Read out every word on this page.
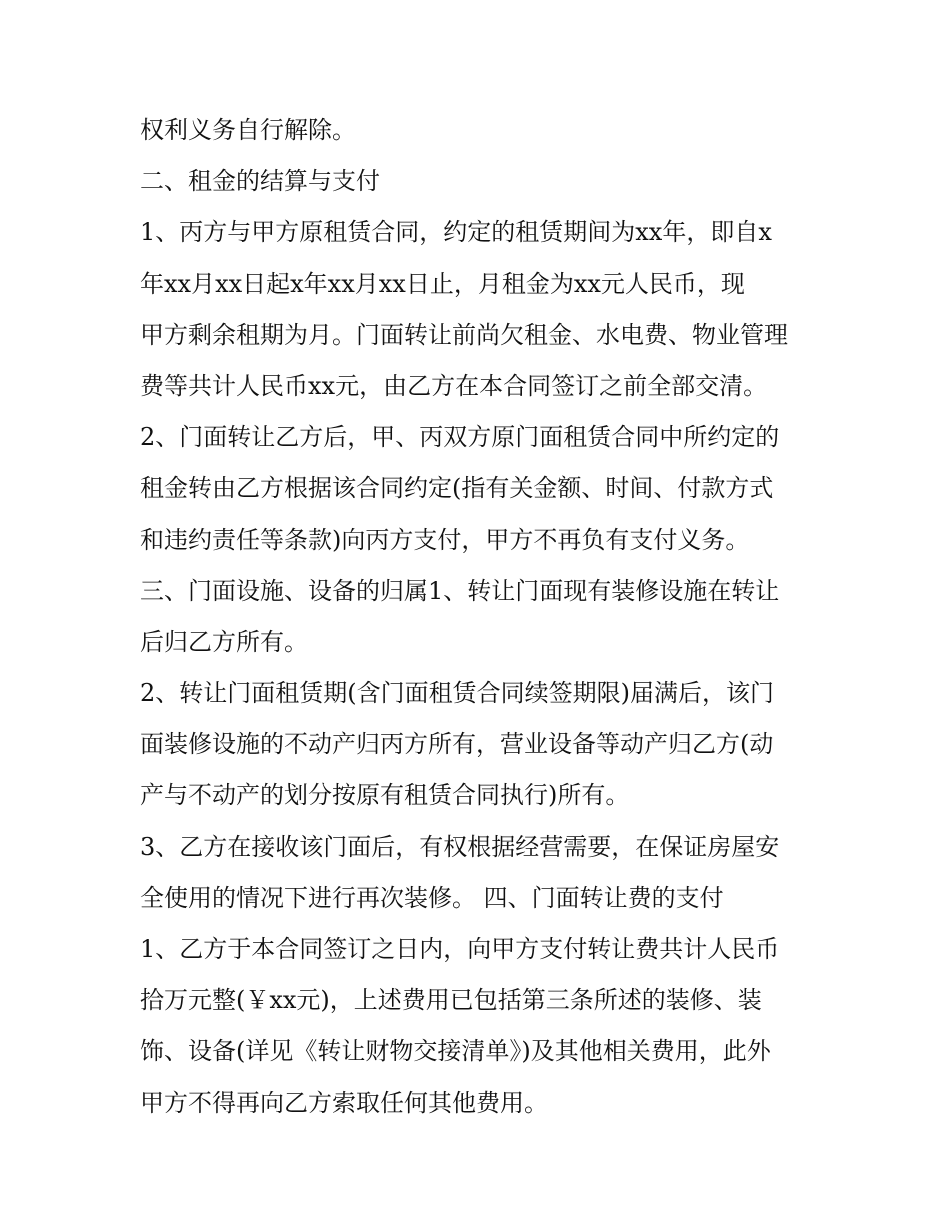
权利义务自行解除。
二、租金的结算与支付
1、丙方与甲方原租赁合同，约定的租赁期间为xx年，即自x
年xx月xx日起x年xx月xx日止，月租金为xx元人民币，现
甲方剩余租期为月。门面转让前尚欠租金、水电费、物业管理
费等共计人民币xx元，由乙方在本合同签订之前全部交清。
2、门面转让乙方后，甲、丙双方原门面租赁合同中所约定的
租金转由乙方根据该合同约定(指有关金额、时间、付款方式
和违约责任等条款)向丙方支付，甲方不再负有支付义务。
三、门面设施、设备的归属1、转让门面现有装修设施在转让
后归乙方所有。
2、转让门面租赁期(含门面租赁合同续签期限)届满后，该门
面装修设施的不动产归丙方所有，营业设备等动产归乙方(动
产与不动产的划分按原有租赁合同执行)所有。
3、乙方在接收该门面后，有权根据经营需要，在保证房屋安
全使用的情况下进行再次装修。 四、门面转让费的支付
1、乙方于本合同签订之日内，向甲方支付转让费共计人民币
拾万元整(￥xx元)，上述费用已包括第三条所述的装修、装
饰、设备(详见《转让财物交接清单》)及其他相关费用，此外
甲方不得再向乙方索取任何其他费用。
